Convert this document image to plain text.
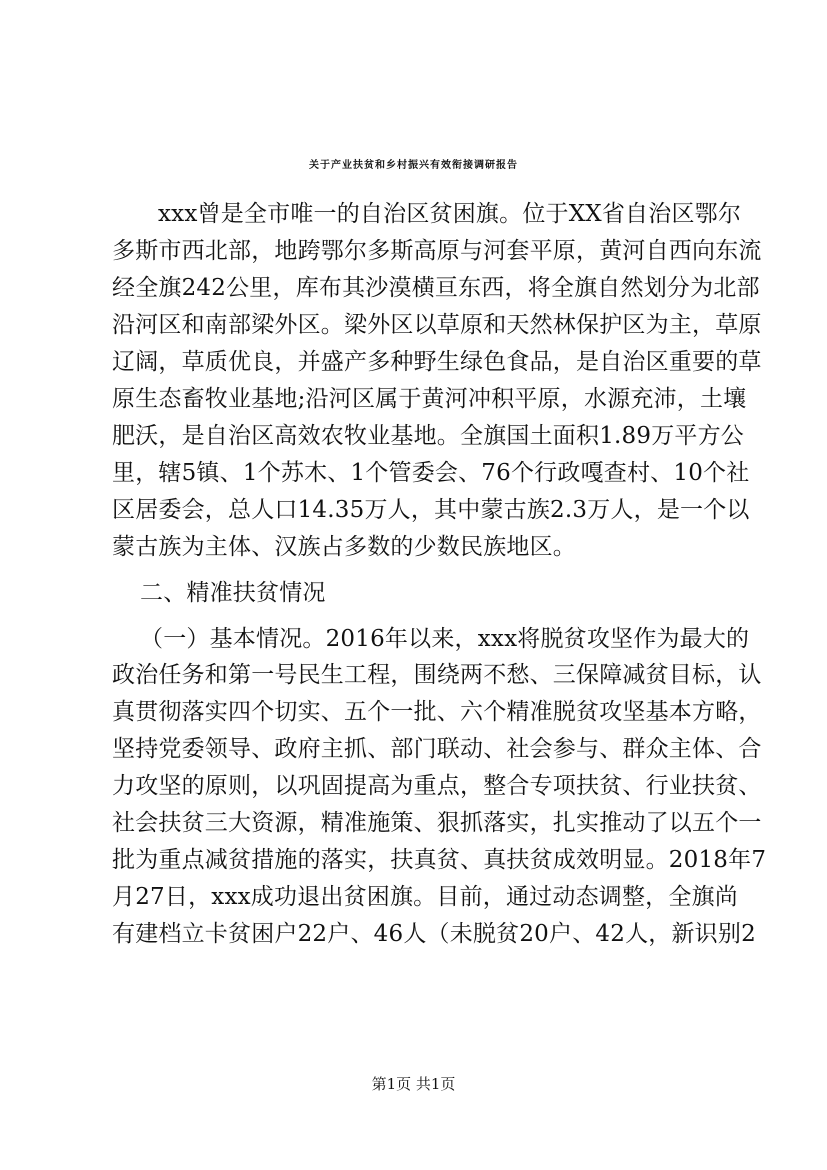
关于产业扶贫和乡村振兴有效衔接调研报告
xxx曾是全市唯一的自治区贫困旗。位于XX省自治区鄂尔
多斯市西北部，地跨鄂尔多斯高原与河套平原，黄河自西向东流
经全旗242公里，库布其沙漠横亘东西，将全旗自然划分为北部
沿河区和南部梁外区。梁外区以草原和天然林保护区为主，草原
辽阔，草质优良，并盛产多种野生绿色食品，是自治区重要的草
原生态畜牧业基地;沿河区属于黄河冲积平原，水源充沛，土壤
肥沃，是自治区高效农牧业基地。全旗国土面积1.89万平方公
里，辖5镇、1个苏木、1个管委会、76个行政嘎查村、10个社
区居委会，总人口14.35万人，其中蒙古族2.3万人，是一个以
蒙古族为主体、汉族占多数的少数民族地区。
二、精准扶贫情况
（一）基本情况。2016年以来，xxx将脱贫攻坚作为最大的
政治任务和第一号民生工程，围绕两不愁、三保障减贫目标，认
真贯彻落实四个切实、五个一批、六个精准脱贫攻坚基本方略，
坚持党委领导、政府主抓、部门联动、社会参与、群众主体、合
力攻坚的原则，以巩固提高为重点，整合专项扶贫、行业扶贫、
社会扶贫三大资源，精准施策、狠抓落实，扎实推动了以五个一
批为重点减贫措施的落实，扶真贫、真扶贫成效明显。2018年7
月27日，xxx成功退出贫困旗。目前，通过动态调整，全旗尚
有建档立卡贫困户22户、46人（未脱贫20户、42人，新识别2
第1页 共1页
